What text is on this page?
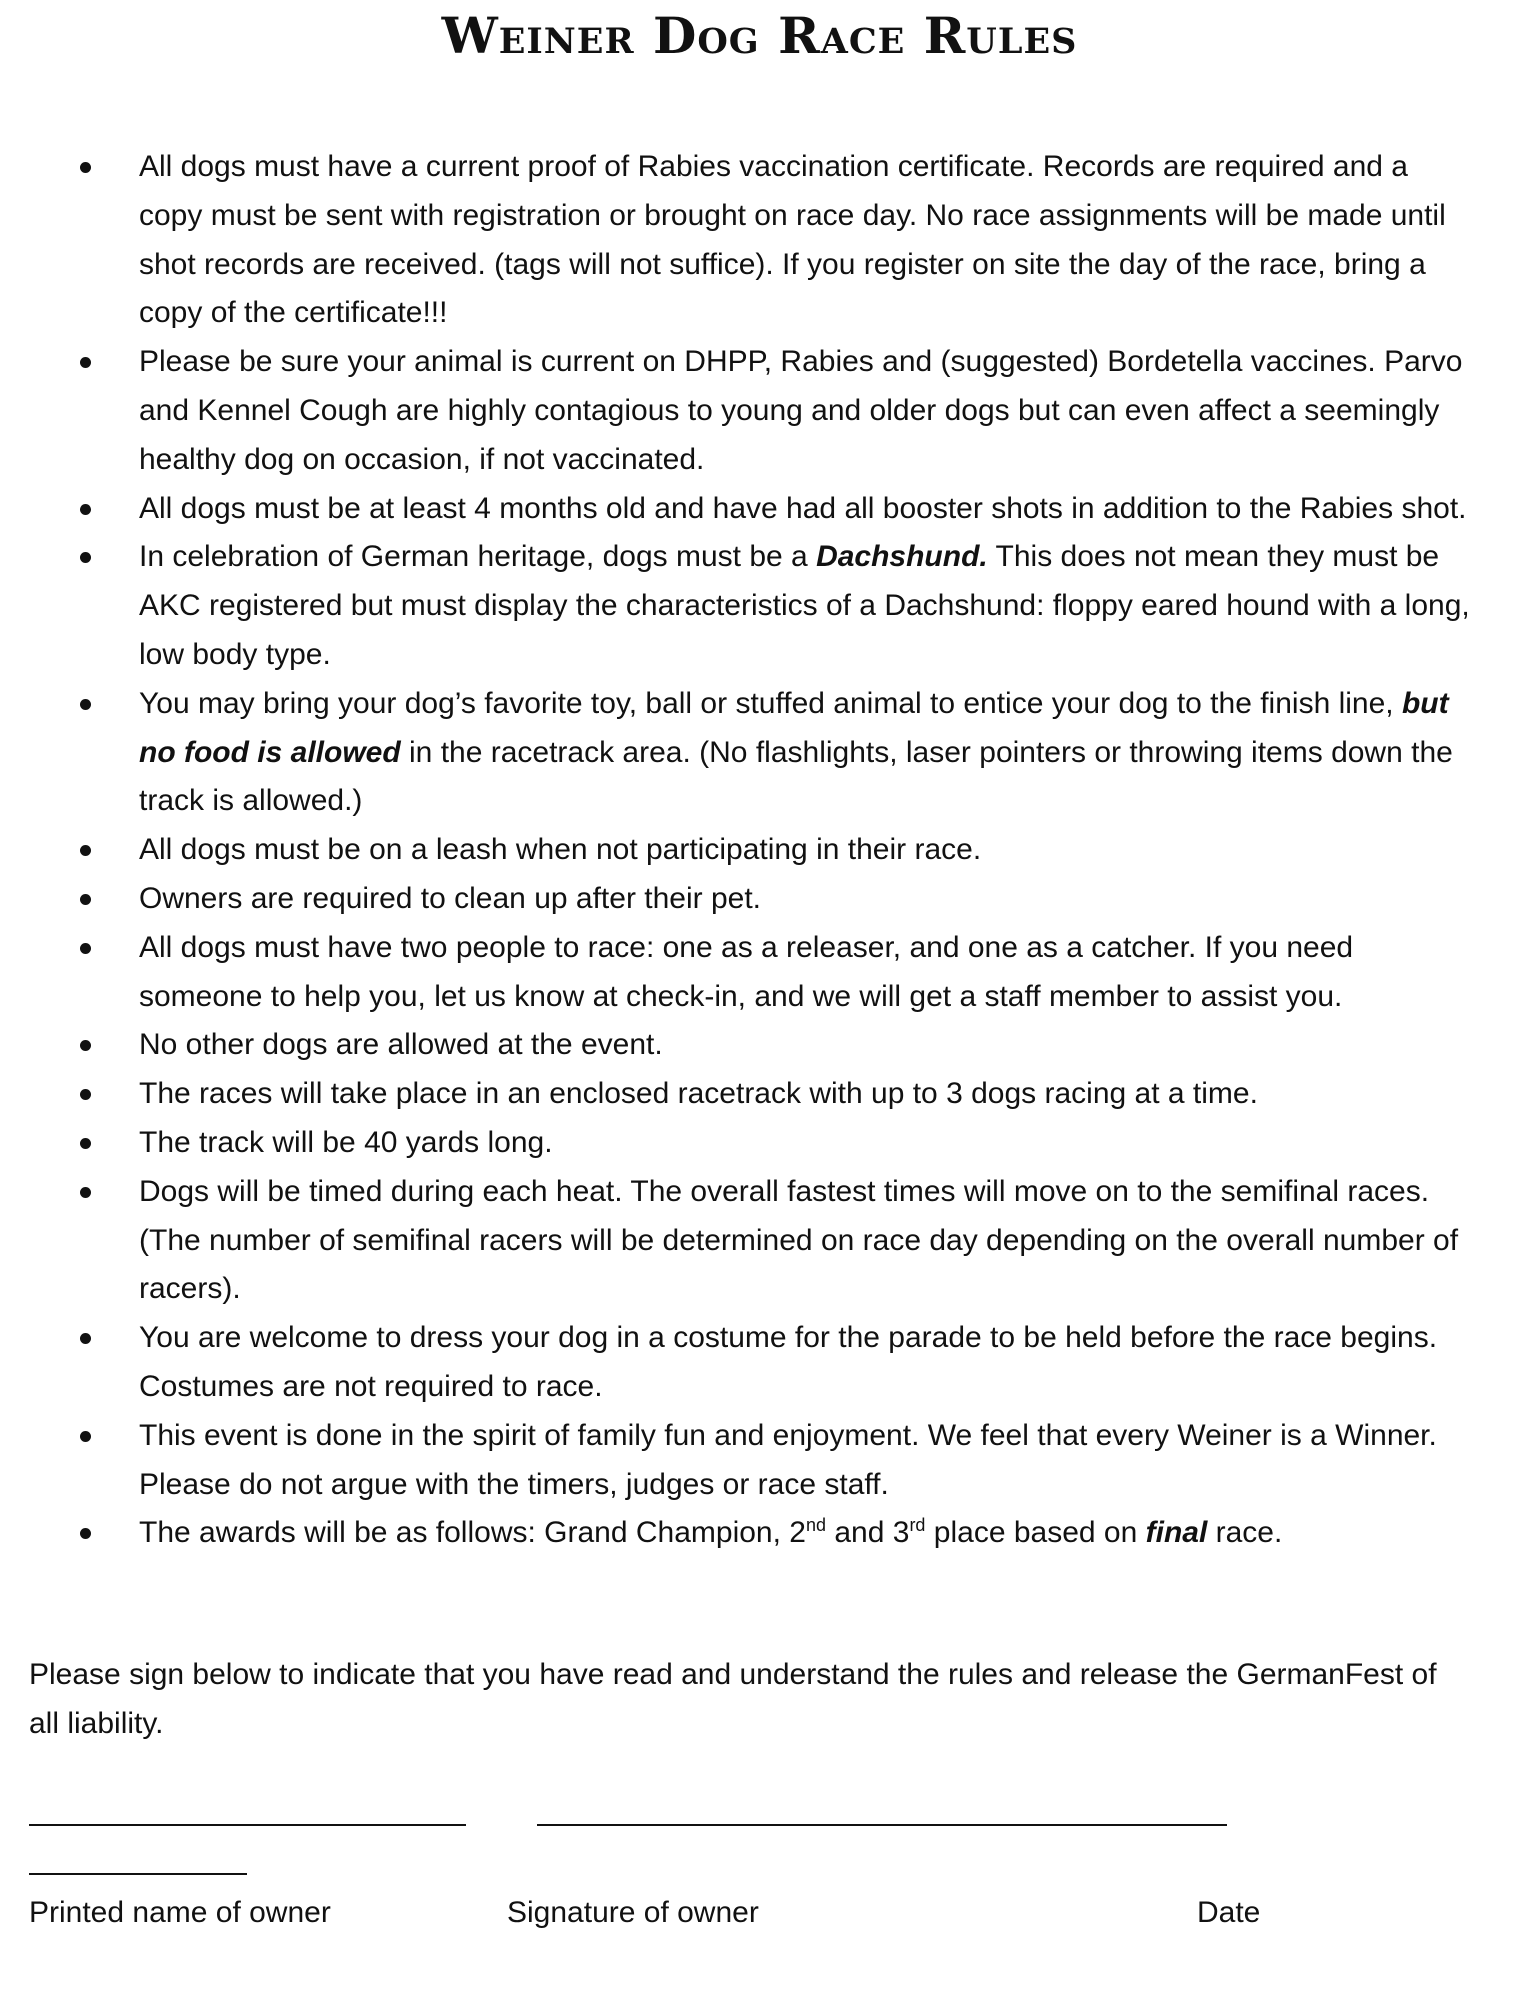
Weiner Dog Race Rules
All dogs must have a current proof of Rabies vaccination certificate. Records are required and a copy must be sent with registration or brought on race day. No race assignments will be made until shot records are received. (tags will not suffice). If you register on site the day of the race, bring a copy of the certificate!!!
Please be sure your animal is current on DHPP, Rabies and (suggested) Bordetella vaccines. Parvo and Kennel Cough are highly contagious to young and older dogs but can even affect a seemingly healthy dog on occasion, if not vaccinated.
All dogs must be at least 4 months old and have had all booster shots in addition to the Rabies shot.
In celebration of German heritage, dogs must be a Dachshund. This does not mean they must be AKC registered but must display the characteristics of a Dachshund: floppy eared hound with a long, low body type.
You may bring your dog’s favorite toy, ball or stuffed animal to entice your dog to the finish line, but no food is allowed in the racetrack area. (No flashlights, laser pointers or throwing items down the track is allowed.)
All dogs must be on a leash when not participating in their race.
Owners are required to clean up after their pet.
All dogs must have two people to race: one as a releaser, and one as a catcher. If you need someone to help you, let us know at check-in, and we will get a staff member to assist you.
No other dogs are allowed at the event.
The races will take place in an enclosed racetrack with up to 3 dogs racing at a time.
The track will be 40 yards long.
Dogs will be timed during each heat. The overall fastest times will move on to the semifinal races. (The number of semifinal racers will be determined on race day depending on the overall number of racers).
You are welcome to dress your dog in a costume for the parade to be held before the race begins. Costumes are not required to race.
This event is done in the spirit of family fun and enjoyment. We feel that every Weiner is a Winner. Please do not argue with the timers, judges or race staff.
The awards will be as follows: Grand Champion, 2nd and 3rd place based on final race.

Please sign below to indicate that you have read and understand the rules and release the GermanFest of all liability.

Printed name of owner	Signature of owner	Date
